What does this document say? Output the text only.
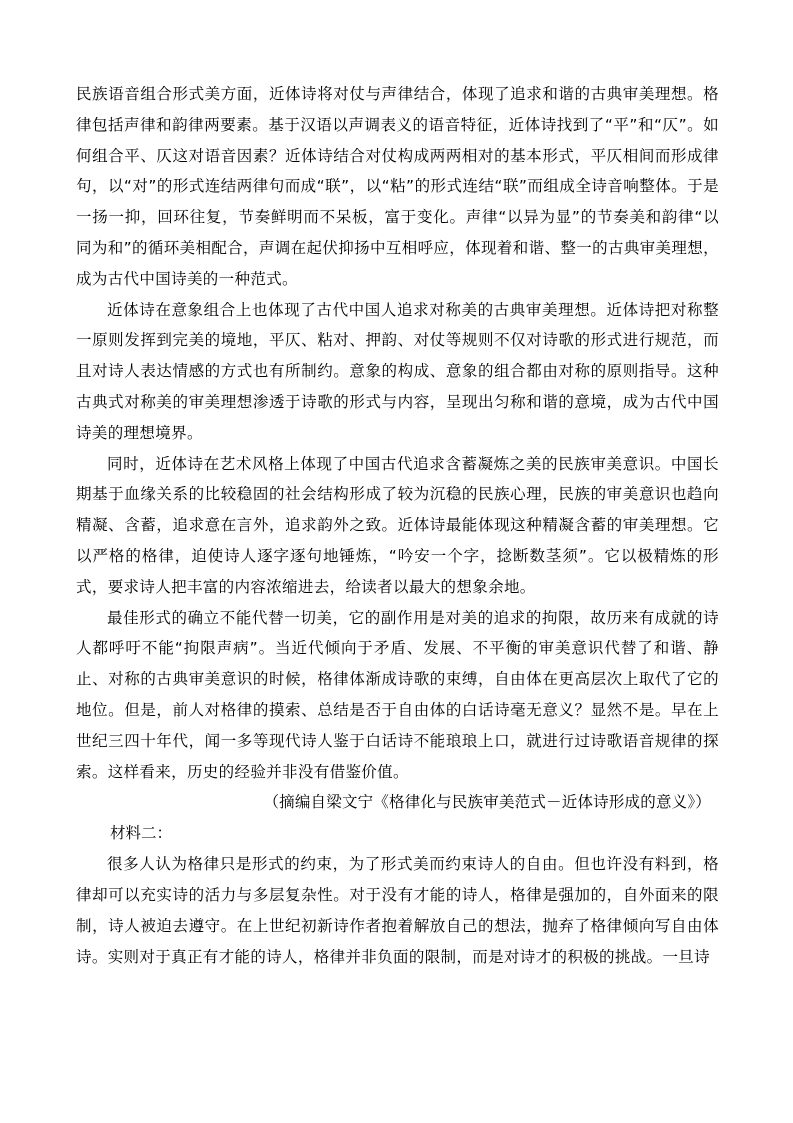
民族语音组合形式美方面，近体诗将对仗与声律结合，体现了追求和谐的古典审美理想。格律包括声律和韵律两要素。基于汉语以声调表义的语音特征，近体诗找到了“平”和“仄”。如何组合平、仄这对语音因素？近体诗结合对仗构成两两相对的基本形式，平仄相间而形成律句，以“对”的形式连结两律句而成“联”，以“粘”的形式连结“联”而组成全诗音响整体。于是一扬一抑，回环往复，节奏鲜明而不呆板，富于变化。声律“以异为显”的节奏美和韵律“以同为和”的循环美相配合，声调在起伏抑扬中互相呼应，体现着和谐、整一的古典审美理想，成为古代中国诗美的一种范式。

近体诗在意象组合上也体现了古代中国人追求对称美的古典审美理想。近体诗把对称整一原则发挥到完美的境地，平仄、粘对、押韵、对仗等规则不仅对诗歌的形式进行规范，而且对诗人表达情感的方式也有所制约。意象的构成、意象的组合都由对称的原则指导。这种古典式对称美的审美理想渗透于诗歌的形式与内容，呈现出匀称和谐的意境，成为古代中国诗美的理想境界。

同时，近体诗在艺术风格上体现了中国古代追求含蓄凝炼之美的民族审美意识。中国长期基于血缘关系的比较稳固的社会结构形成了较为沉稳的民族心理，民族的审美意识也趋向精凝、含蓄，追求意在言外，追求韵外之致。近体诗最能体现这种精凝含蓄的审美理想。它以严格的格律，迫使诗人逐字逐句地锤炼，“吟安一个字，捻断数茎须”。它以极精炼的形式，要求诗人把丰富的内容浓缩进去，给读者以最大的想象余地。

最佳形式的确立不能代替一切美，它的副作用是对美的追求的拘限，故历来有成就的诗人都呼吁不能“拘限声病”。当近代倾向于矛盾、发展、不平衡的审美意识代替了和谐、静止、对称的古典审美意识的时候，格律体渐成诗歌的束缚，自由体在更高层次上取代了它的地位。但是，前人对格律的摸索、总结是否于自由体的白话诗毫无意义？显然不是。早在上世纪三四十年代，闻一多等现代诗人鉴于白话诗不能琅琅上口，就进行过诗歌语音规律的探索。这样看来，历史的经验并非没有借鉴价值。

（摘编自梁文宁《格律化与民族审美范式－近体诗形成的意义》）

材料二：

很多人认为格律只是形式的约束，为了形式美而约束诗人的自由。但也许没有料到，格律却可以充实诗的活力与多层复杂性。对于没有才能的诗人，格律是强加的，自外面来的限制，诗人被迫去遵守。在上世纪初新诗作者抱着解放自己的想法，抛弃了格律倾向写自由体诗。实则对于真正有才能的诗人，格律并非负面的限制，而是对诗才的积极的挑战。一旦诗
